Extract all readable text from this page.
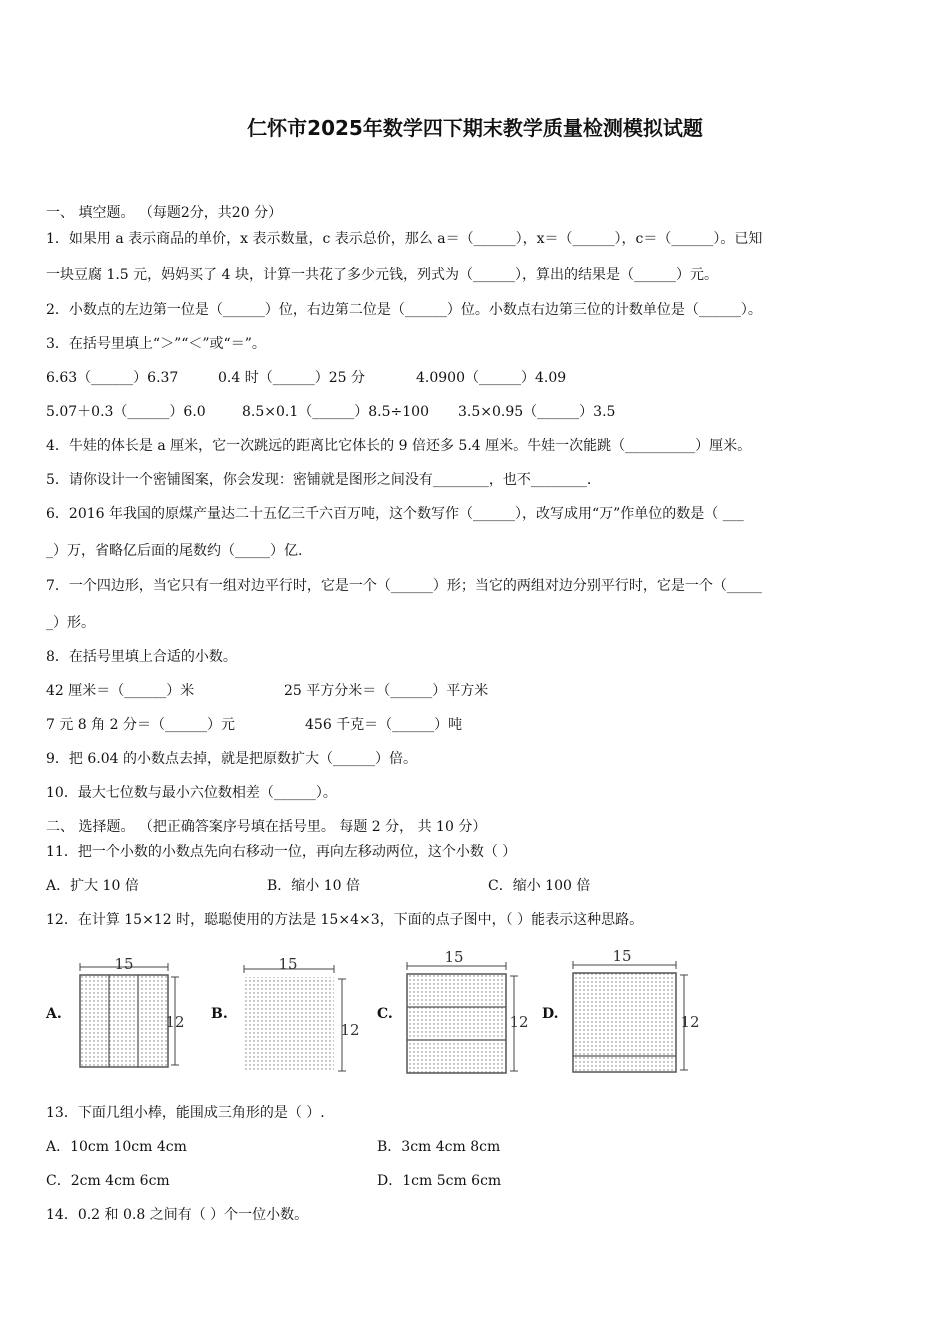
仁怀市2025年数学四下期末教学质量检测模拟试题
一、 填空题。 （每题2分，共20 分）
1．如果用 a 表示商品的单价，x 表示数量，c 表示总价，那么 a＝（______），x＝（______），c＝（______）。已知
一块豆腐 1.5 元，妈妈买了 4 块，计算一共花了多少元钱，列式为（______），算出的结果是（______）元。
2．小数点的左边第一位是（______）位，右边第二位是（______）位。小数点右边第三位的计数单位是（______）。
3．在括号里填上“＞”“＜”或“＝”。
6.63（______）6.37	0.4 时（______）25 分	4.0900（______）4.09
5.07＋0.3（______）6.0	8.5×0.1（______）8.5÷100 3.5×0.95（______）3.5
4．牛娃的体长是 a 厘米，它一次跳远的距离比它体长的 9 倍还多 5.4 厘米。牛娃一次能跳（__________）厘米。
5．请你设计一个密铺图案，你会发现：密铺就是图形之间没有________，也不________.
6．2016 年我国的原煤产量达二十五亿三千六百万吨，这个数写作（______），改写成用“万”作单位的数是（ ___
_）万，省略亿后面的尾数约（_____）亿.
7．一个四边形，当它只有一组对边平行时，它是一个（______）形；当它的两组对边分别平行时，它是一个（_____
_）形。
8．在括号里填上合适的小数。
42 厘米＝（______）米	25 平方分米＝（______）平方米
7 元 8 角 2 分＝（______）元	456 千克＝（______）吨
9．把 6.04 的小数点去掉，就是把原数扩大（______）倍。
10．最大七位数与最小六位数相差（______）。
二、 选择题。 （把正确答案序号填在括号里。 每题 2 分， 共 10 分）
11．把一个小数的小数点先向右移动一位，再向左移动两位，这个小数（ ）
A．扩大 10 倍	B．缩小 10 倍	C．缩小 100 倍
12．在计算 15×12 时，聪聪使用的方法是 15×4×3，下面的点子图中，（ ）能表示这种思路。
A.
15
12 B.
15
12
C.
15
12 D.
15
12
13．下面几组小棒，能围成三角形的是（ ）.
A．10cm 10cm 4cm	B．3cm 4cm 8cm
C．2cm 4cm 6cm	D．1cm 5cm 6cm
14．0.2 和 0.8 之间有（ ）个一位小数。
